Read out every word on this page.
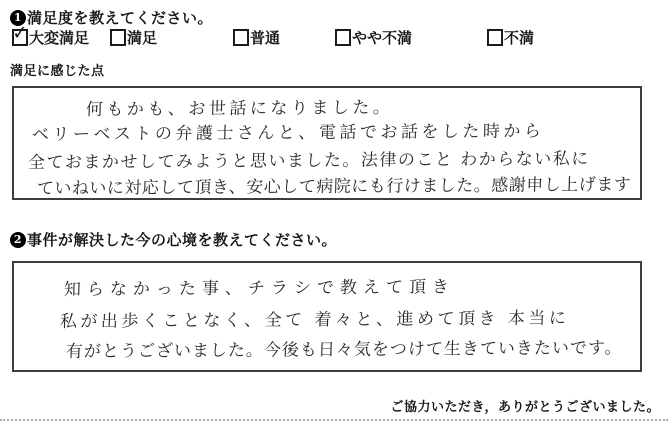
1 満足度を教えてください。
✓ 大変満足	満足	普通	やや不満	不満
満足に感じた点
何もかも、お世話になりました。
ベリーベストの弁護士さんと、電話でお話をした時から
全ておまかせしてみようと思いました。法律のこと わからない私に
ていねいに対応して頂き、安心して病院にも行けました。感謝申し上げます
2 事件が解決した今の心境を教えてください。
知らなかった事、チラシで教えて頂き
私が出歩くことなく、全て 着々と、進めて頂き 本当に
有がとうございました。今後も日々気をつけて生きていきたいです。
ご協力いただき，ありがとうございました。
